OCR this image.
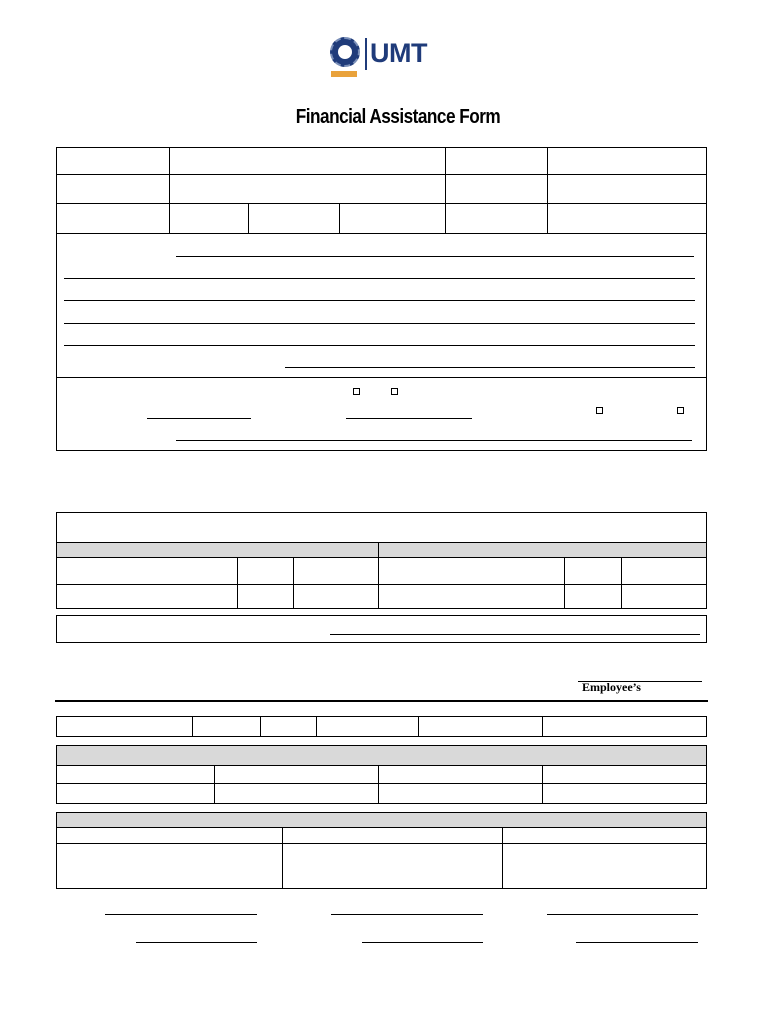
UMT
Financial Assistance Form
Employee’s
